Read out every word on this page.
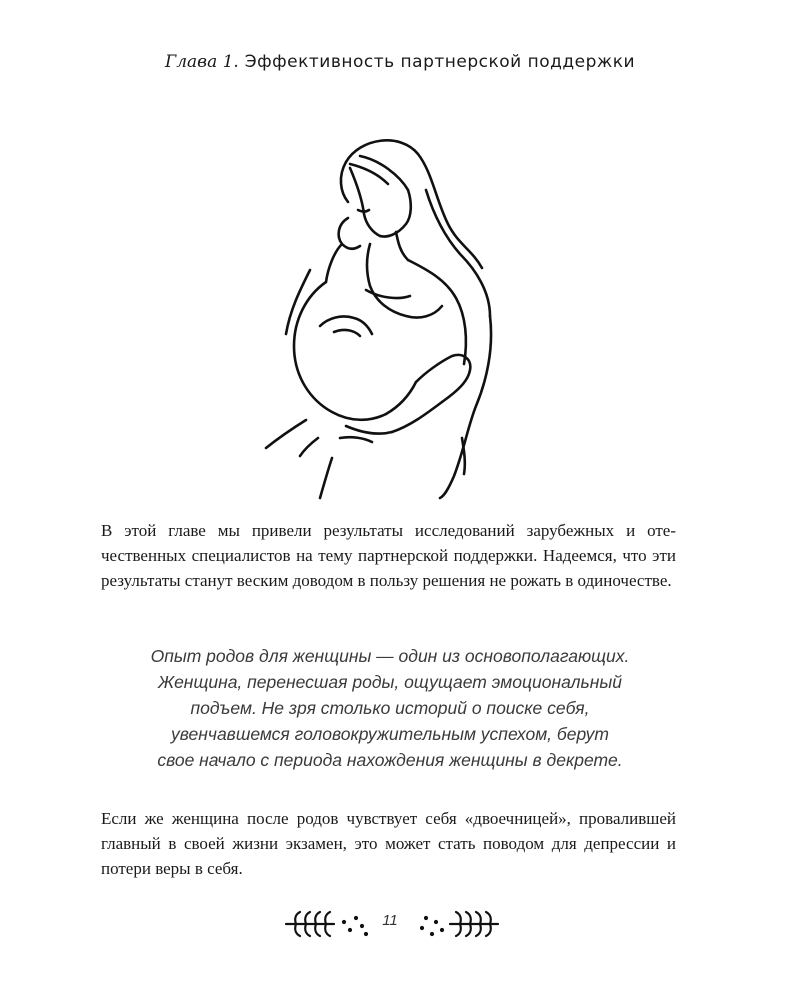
Глава 1. Эффективность партнерской поддержки
В этой главе мы привели результаты исследований зарубежных и отечественных специалистов на тему партнерской поддержки. Надеемся, что эти результаты станут веским доводом в пользу решения не рожать в одиночестве.
Опыт родов для женщины — один из основополагающих.
Женщина, перенесшая роды, ощущает эмоциональный
подъем. Не зря столько историй о поиске себя,
увенчавшемся головокружительным успехом, берут
свое начало с периода нахождения женщины в декрете.
Если же женщина после родов чувствует себя «двоечницей», провалившей главный в своей жизни экзамен, это может стать поводом для депрессии и потери веры в себя.
11
